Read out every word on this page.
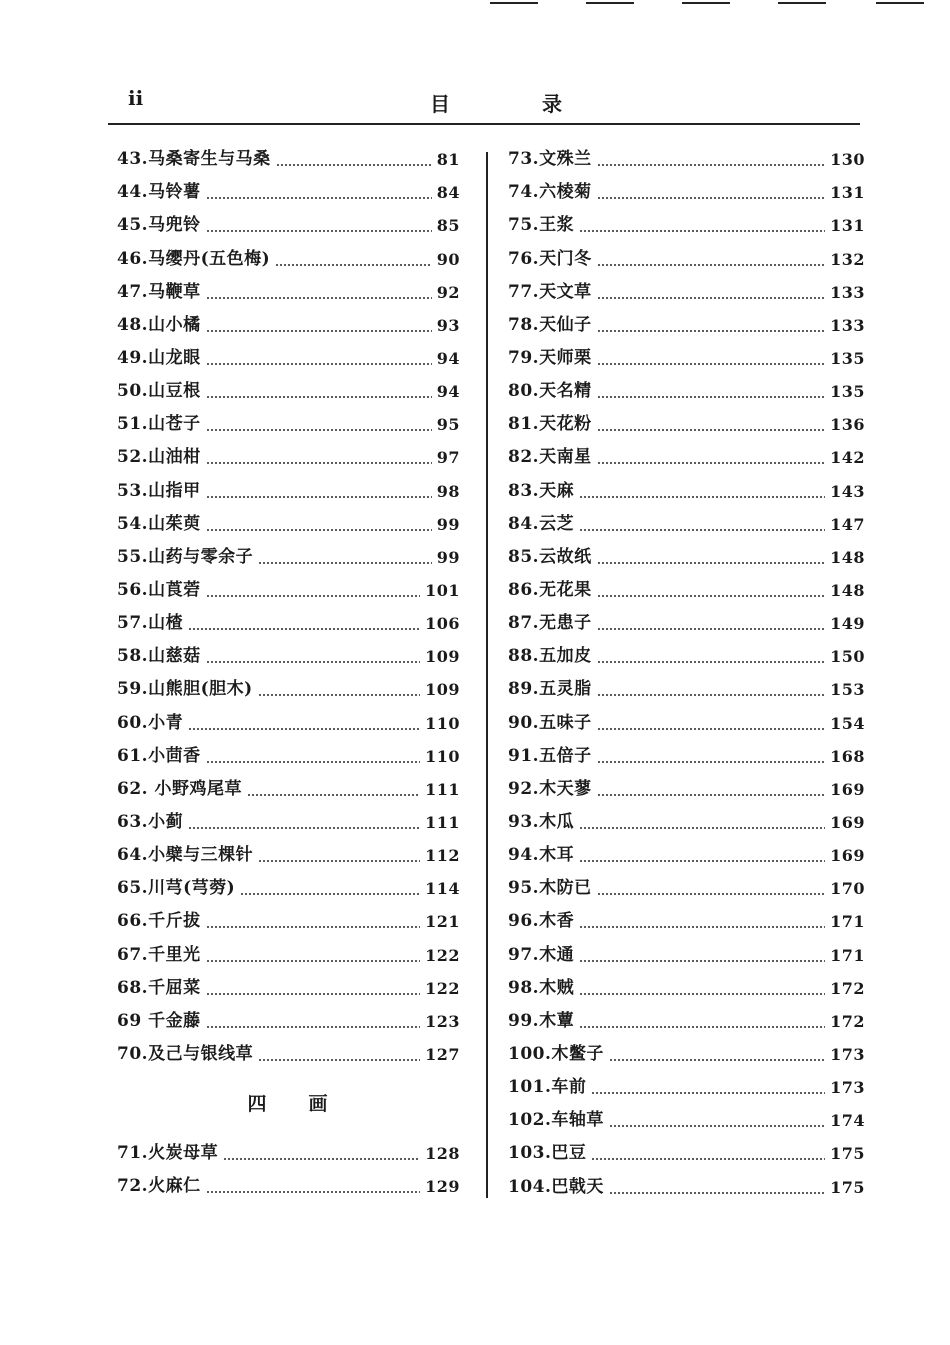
ii	目	录
43.马桑寄生与马桑	81
44.马铃薯	84
45.马兜铃	85
46.马缨丹(五色梅)	90
47.马鞭草	92
48.山小橘	93
49.山龙眼	94
50.山豆根	94
51.山苍子	95
52.山油柑	97
53.山指甲	98
54.山茱萸	99
55.山药与零余子	99
56.山莨菪	101
57.山楂	106
58.山慈菇	109
59.山熊胆(胆木)	109
60.小青	110
61.小茴香	110
62. 小野鸡尾草	111
63.小蓟	111
64.小檗与三棵针	112
65.川芎(芎䓖)	114
66.千斤拔	121
67.千里光	122
68.千屈菜	122
69 千金藤	123
70.及己与银线草	127
四画
71.火炭母草	128
72.火麻仁	129
73.文殊兰	130
74.六棱菊	131
75.王浆	131
76.天门冬	132
77.天文草	133
78.天仙子	133
79.天师栗	135
80.天名精	135
81.天花粉	136
82.天南星	142
83.天麻	143
84.云芝	147
85.云故纸	148
86.无花果	148
87.无患子	149
88.五加皮	150
89.五灵脂	153
90.五味子	154
91.五倍子	168
92.木天蓼	169
93.木瓜	169
94.木耳	169
95.木防已	170
96.木香	171
97.木通	171
98.木贼	172
99.木蕈	172
100.木鳖子	173
101.车前	173
102.车轴草	174
103.巴豆	175
104.巴戟天	175
